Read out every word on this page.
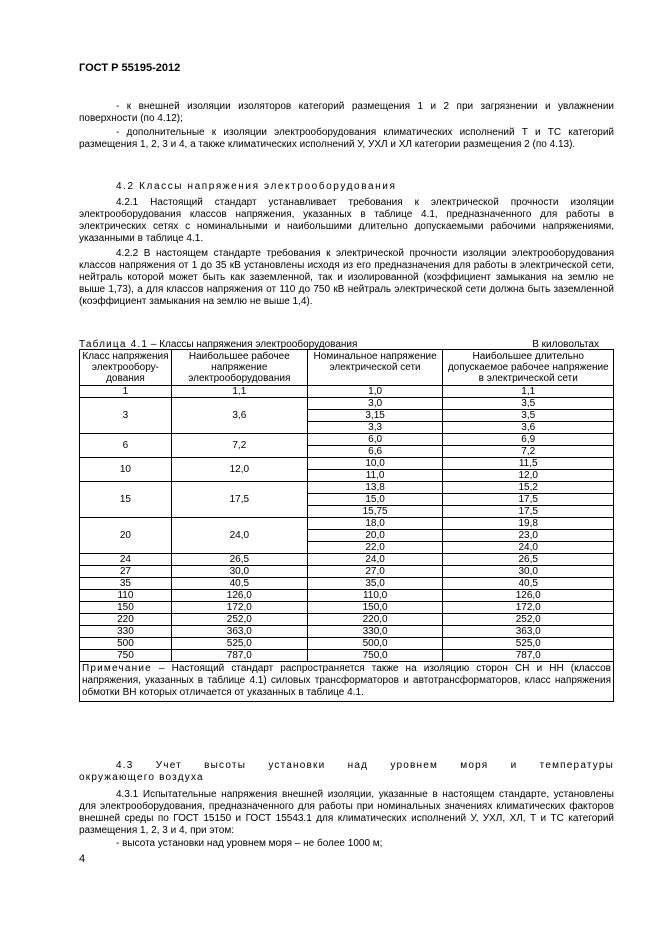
ГОСТ Р 55195-2012
- к внешней изоляции изоляторов категорий размещения 1 и 2 при загрязнении и увлажнении поверхности (по 4.12);
- дополнительные к изоляции электрооборудования климатических исполнений Т и ТС категорий размещения 1, 2, 3 и 4, а также климатических исполнений У, УХЛ и ХЛ категории размещения 2 (по 4.13).
4.2 Классы напряжения электрооборудования
4.2.1 Настоящий стандарт устанавливает требования к электрической прочности изоляции электрооборудования классов напряжения, указанных в таблице 4.1, предназначенного для работы в электрических сетях с номинальными и наибольшими длительно допускаемыми рабочими напряжениями, указанными в таблице 4.1.
4.2.2 В настоящем стандарте требования к электрической прочности изоляции электрооборудования классов напряжения от 1 до 35 кВ установлены исходя из его предназначения для работы в электрической сети, нейтраль которой может быть как заземленной, так и изолированной (коэффициент замыкания на землю не выше 1,73), а для классов напряжения от 110 до 750 кВ нейтраль электрической сети должна быть заземленной (коэффициент замыкания на землю не выше 1,4).
Таблица 4.1 – Классы напряжения электрооборудования	В киловольтах
Класс напряжения электрообору-дования	Наибольшее рабочее напряжение электрооборудования	Номинальное напряжение электрической сети	Наибольшее длительно допускаемое рабочее напряжение в электрической сети
1	1,1	1,0	1,1
3	3,6	3,0	3,5
		3,15	3,5
		3,3	3,6
6	7,2	6,0	6,9
		6,6	7,2
10	12,0	10,0	11,5
		11,0	12,0
15	17,5	13,8	15,2
		15,0	17,5
		15,75	17,5
20	24,0	18,0	19,8
		20,0	23,0
		22,0	24,0
24	26,5	24,0	26,5
27	30,0	27,0	30,0
35	40,5	35,0	40,5
110	126,0	110,0	126,0
150	172,0	150,0	172,0
220	252,0	220,0	252,0
330	363,0	330,0	363,0
500	525,0	500,0	525,0
750	787,0	750,0	787,0
Примечание – Настоящий стандарт распространяется также на изоляцию сторон СН и НН (классов напряжения, указанных в таблице 4.1) силовых трансформаторов и автотрансформаторов, класс напряжения обмотки ВН которых отличается от указанных в таблице 4.1.			
4.3 Учет высоты установки над уровнем моря и температуры
окружающего воздуха
4.3.1 Испытательные напряжения внешней изоляции, указанные в настоящем стандарте, установлены для электрооборудования, предназначенного для работы при номинальных значениях климатических факторов внешней среды по ГОСТ 15150 и ГОСТ 15543.1 для климатических исполнений У, УХЛ, ХЛ, Т и ТС категорий размещения 1, 2, 3 и 4, при этом:
- высота установки над уровнем моря – не более 1000 м;
4
